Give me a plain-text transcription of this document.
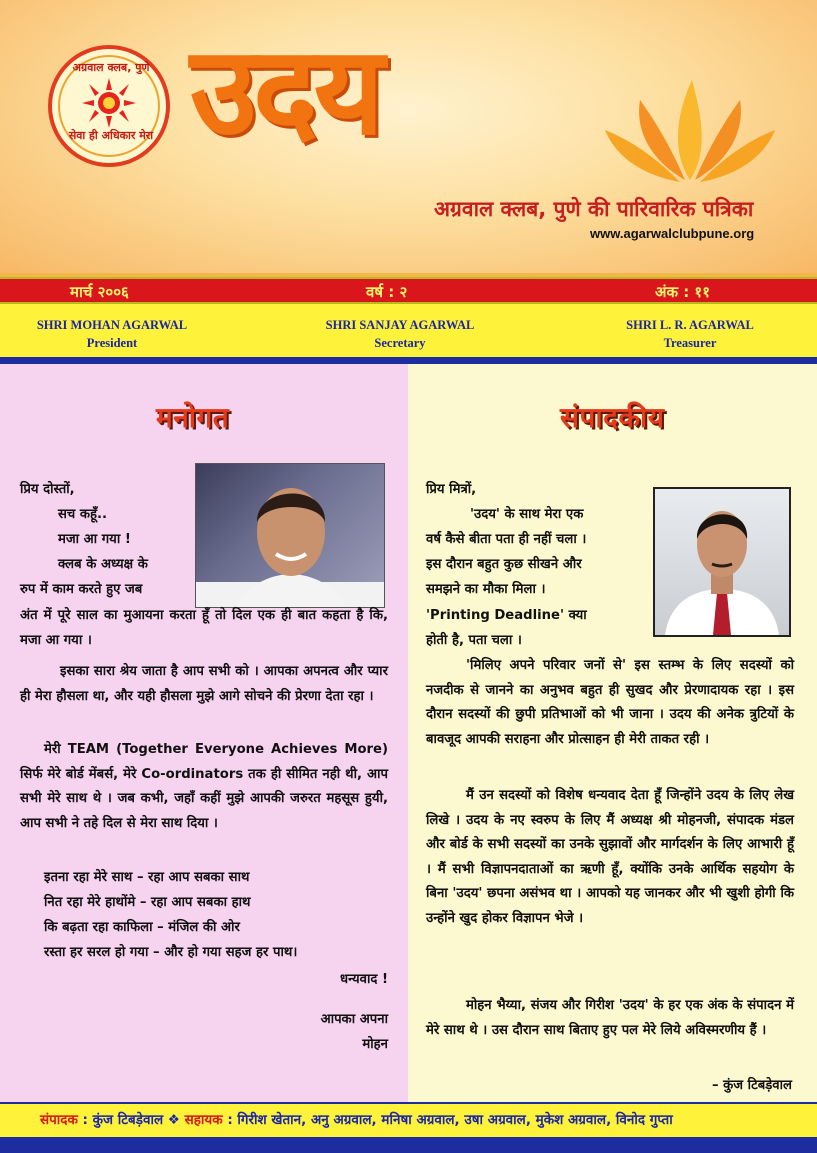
अग्रवाल क्लब, पुणे
सेवा ही अधिकार मेरा उदय
अग्रवाल क्लब, पुणे की पारिवारिक पत्रिका
www.agarwalclubpune.org
मार्च २००६	वर्ष : २	अंक : ११
SHRI MOHAN AGARWAL
President
SHRI SANJAY AGARWAL
Secretary
SHRI L. R. AGARWAL
Treasurer
मनोगत
प्रिय दोस्तों,
सच कहूँ..
मजा आ गया !
क्लब के अध्यक्ष के
रुप में काम करते हुए जब
अंत में पूरे साल का मुआयना करता हूँ तो दिल एक ही बात कहता है कि, मजा आ गया ।
इसका सारा श्रेय जाता है आप सभी को । आपका अपनत्व और प्यार ही मेरा हौसला था, और यही हौसला मुझे आगे सोचने की प्रेरणा देता रहा ।
मेरी TEAM (Together Everyone Achieves More) सिर्फ मेरे बोर्ड मेंबर्स, मेरे Co-ordinators तक ही सीमित नही थी, आप सभी मेरे साथ थे । जब कभी, जहाँ कहीं मुझे आपकी जरुरत महसूस हुयी, आप सभी ने तहे दिल से मेरा साथ दिया ।
इतना रहा मेरे साथ – रहा आप सबका साथ
नित रहा मेरे हाथोंमे – रहा आप सबका हाथ
कि बढ़ता रहा काफिला – मंजिल की ओर
रस्ता हर सरल हो गया – और हो गया सहज हर पाथ।
धन्यवाद !
आपका अपना
मोहन
संपादकीय
प्रिय मित्रों,
'उदय' के साथ मेरा एक
वर्ष कैसे बीता पता ही नहीं चला ।
इस दौरान बहुत कुछ सीखने और
समझने का मौका मिला ।
'Printing Deadline' क्या
होती है, पता चला ।
'मिलिए अपने परिवार जनों से' इस स्तम्भ के लिए सदस्यों को नजदीक से जानने का अनुभव बहुत ही सुखद और प्रेरणादायक रहा । इस दौरान सदस्यों की छुपी प्रतिभाओं को भी जाना । उदय की अनेक त्रुटियों के बावजूद आपकी सराहना और प्रोत्साहन ही मेरी ताकत रही ।
मैं उन सदस्यों को विशेष धन्यवाद देता हूँ जिन्होंने उदय के लिए लेख लिखे । उदय के नए स्वरुप के लिए मैं अध्यक्ष श्री मोहनजी, संपादक मंडल और बोर्ड के सभी सदस्यों का उनके सुझावों और मार्गदर्शन के लिए आभारी हूँ । मैं सभी विज्ञापनदाताओं का ऋणी हूँ, क्योंकि उनके आर्थिक सहयोग के बिना 'उदय' छपना असंभव था । आपको यह जानकर और भी खुशी होगी कि उन्होंने खुद होकर विज्ञापन भेजे ।
मोहन भैय्या, संजय और गिरीश 'उदय' के हर एक अंक के संपादन में मेरे साथ थे । उस दौरान साथ बिताए हुए पल मेरे लिये अविस्मरणीय हैं ।
– कुंज टिबड़ेवाल
संपादक : कुंज टिबड़ेवाल ❖ सहायक : गिरीश खेतान, अनु अग्रवाल, मनिषा अग्रवाल, उषा अग्रवाल, मुकेश अग्रवाल, विनोद गुप्ता
